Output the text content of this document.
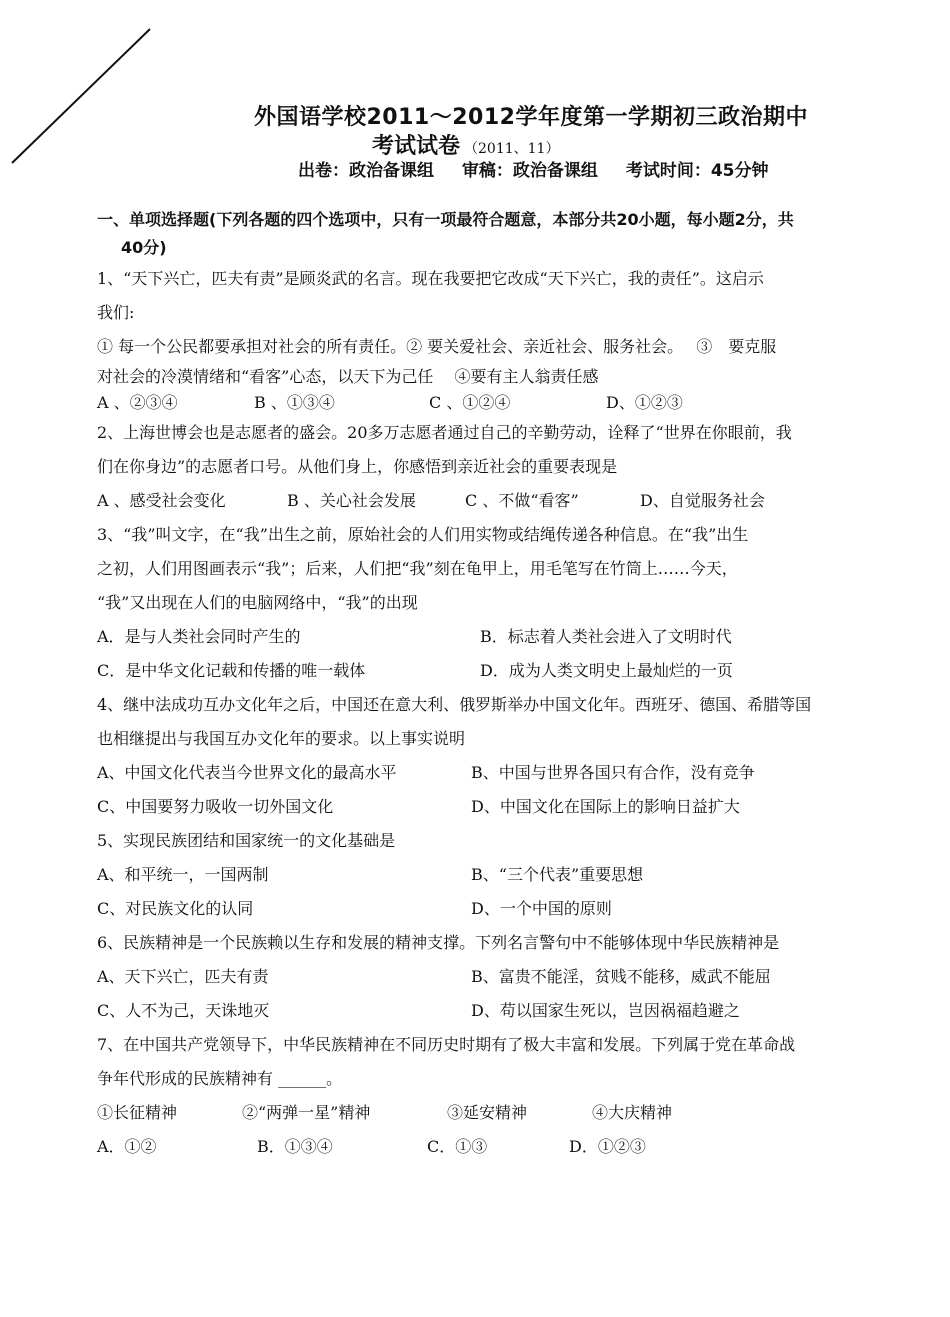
外国语学校2011～2012学年度第一学期初三政治期中
考试试卷 （2011、11）
出卷：政治备课组 审稿：政治备课组 考试时间：45分钟
一、单项选择题(下列各题的四个选项中，只有一项最符合题意，本部分共20小题，每小题2分，共
40分)
1、“天下兴亡，匹夫有责”是顾炎武的名言。现在我要把它改成“天下兴亡，我的责任”。这启示
我们:
① 每一个公民都要承担对社会的所有责任。② 要关爱社会、亲近社会、服务社会。　 ③　要克服
对社会的冷漠情绪和“看客”心态，以天下为己任　 ④要有主人翁责任感
A 、②③④	B 、①③④	C 、①②④	D、①②③
2、上海世博会也是志愿者的盛会。20多万志愿者通过自己的辛勤劳动，诠释了“世界在你眼前，我
们在你身边”的志愿者口号。从他们身上，你感悟到亲近社会的重要表现是
A 、感受社会变化	B 、关心社会发展	C 、不做“看客”	D、自觉服务社会
3、“我”叫文字，在“我”出生之前，原始社会的人们用实物或结绳传递各种信息。在“我”出生
之初，人们用图画表示“我”；后来，人们把“我”刻在龟甲上，用毛笔写在竹筒上……今天，
“我”又出现在人们的电脑网络中，“我”的出现
A．是与人类社会同时产生的	B．标志着人类社会进入了文明时代
C．是中华文化记载和传播的唯一载体	D．成为人类文明史上最灿烂的一页
4、继中法成功互办文化年之后，中国还在意大利、俄罗斯举办中国文化年。西班牙、德国、希腊等国
也相继提出与我国互办文化年的要求。以上事实说明
A、中国文化代表当今世界文化的最高水平	B、中国与世界各国只有合作，没有竞争
C、中国要努力吸收一切外国文化	D、中国文化在国际上的影响日益扩大
5、实现民族团结和国家统一的文化基础是
A、和平统一，一国两制	B、“三个代表”重要思想
C、对民族文化的认同	D、一个中国的原则
6、民族精神是一个民族赖以生存和发展的精神支撑。下列名言警句中不能够体现中华民族精神是
A、天下兴亡，匹夫有责	B、富贵不能淫，贫贱不能移，威武不能屈
C、人不为己，天诛地灭	D、苟以国家生死以，岂因祸福趋避之
7、在中国共产党领导下，中华民族精神在不同历史时期有了极大丰富和发展。下列属于党在革命战
争年代形成的民族精神有 ______。
①长征精神	②“两弹一星”精神	③延安精神	④大庆精神
A．①②	B．①③④	C．①③	D．①②③
